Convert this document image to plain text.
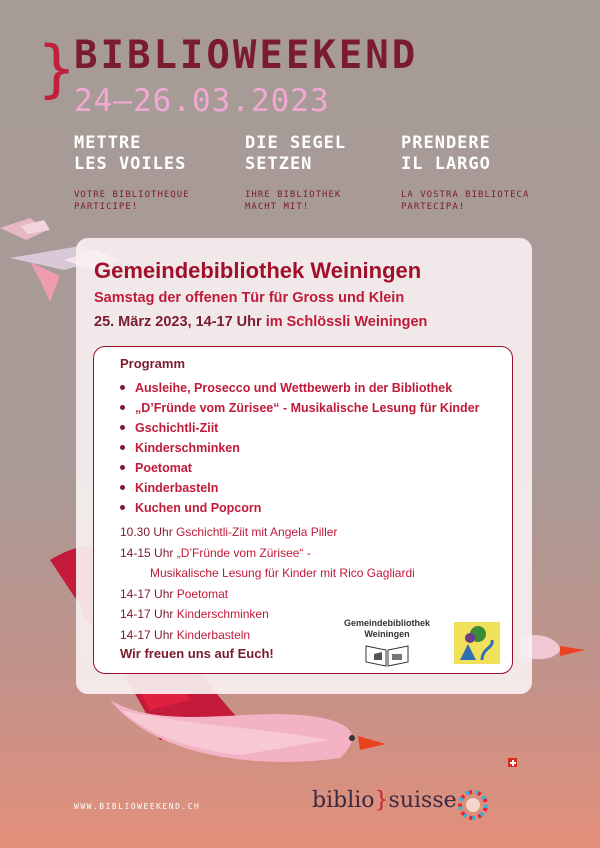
}
BIBLIOWEEKEND
24—26.03.2023
METTRE
LES VOILES
VOTRE BIBLIOTHEQUE
PARTICIPE!
DIE SEGEL
SETZEN
IHRE BIBLIOTHEK
MACHT MIT!
PRENDERE
IL LARGO
LA VOSTRA BIBLIOTECA
PARTECIPA!
Gemeindebibliothek Weiningen
Samstag der offenen Tür für Gross und Klein
25. März 2023, 14-17 Uhr im Schlössli Weiningen
Programm
Ausleihe, Prosecco und Wettbewerb in der Bibliothek
„D’Fründe vom Zürisee“ - Musikalische Lesung für Kinder
Gschichtli-Ziit
Kinderschminken
Poetomat
Kinderbasteln
Kuchen und Popcorn
10.30 Uhr Gschichtli-Ziit mit Angela Piller
14-15 Uhr „D’Fründe vom Zürisee“ -
Musikalische Lesung für Kinder mit Rico Gagliardi
14-17 Uhr Poetomat
14-17 Uhr Kinderschminken
14-17 Uhr Kinderbasteln
Wir freuen uns auf Euch!
Gemeindebibliothek
Weiningen
WWW.BIBLIOWEEKEND.CH	biblio}suisse
